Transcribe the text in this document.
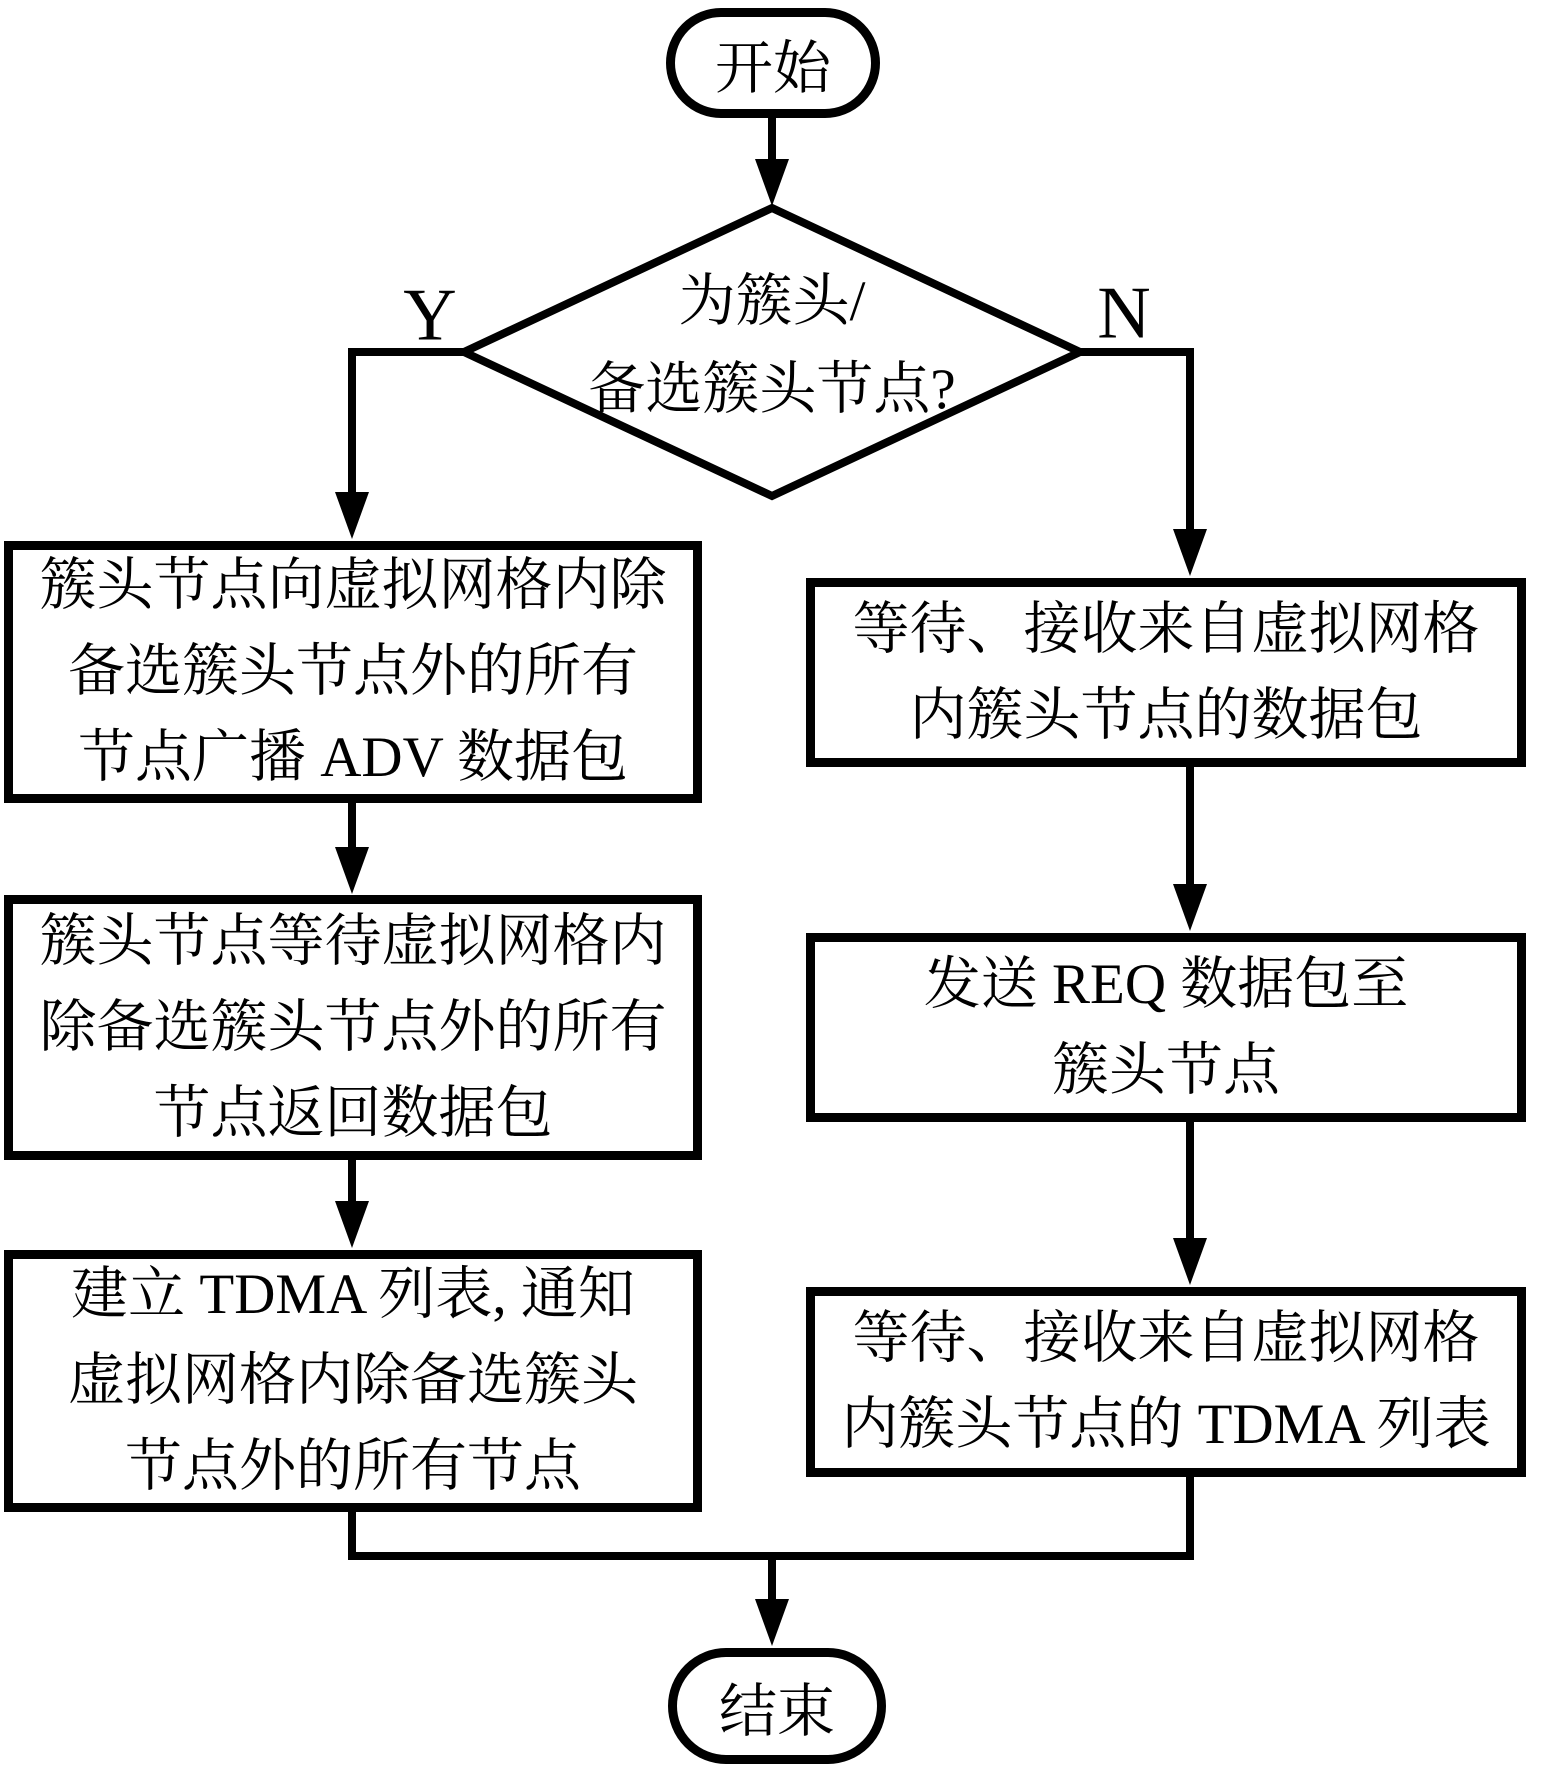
开始
为簇头/
备选簇头节点?
Y	N
簇头节点向虚拟网格内除
备选簇头节点外的所有
节点广播 ADV 数据包
簇头节点等待虚拟网格内
除备选簇头节点外的所有
节点返回数据包
建立 TDMA 列表, 通知
虚拟网格内除备选簇头
节点外的所有节点
等待、接收来自虚拟网格
内簇头节点的数据包
发送 REQ 数据包至
簇头节点
等待、接收来自虚拟网格
内簇头节点的 TDMA 列表
结束
